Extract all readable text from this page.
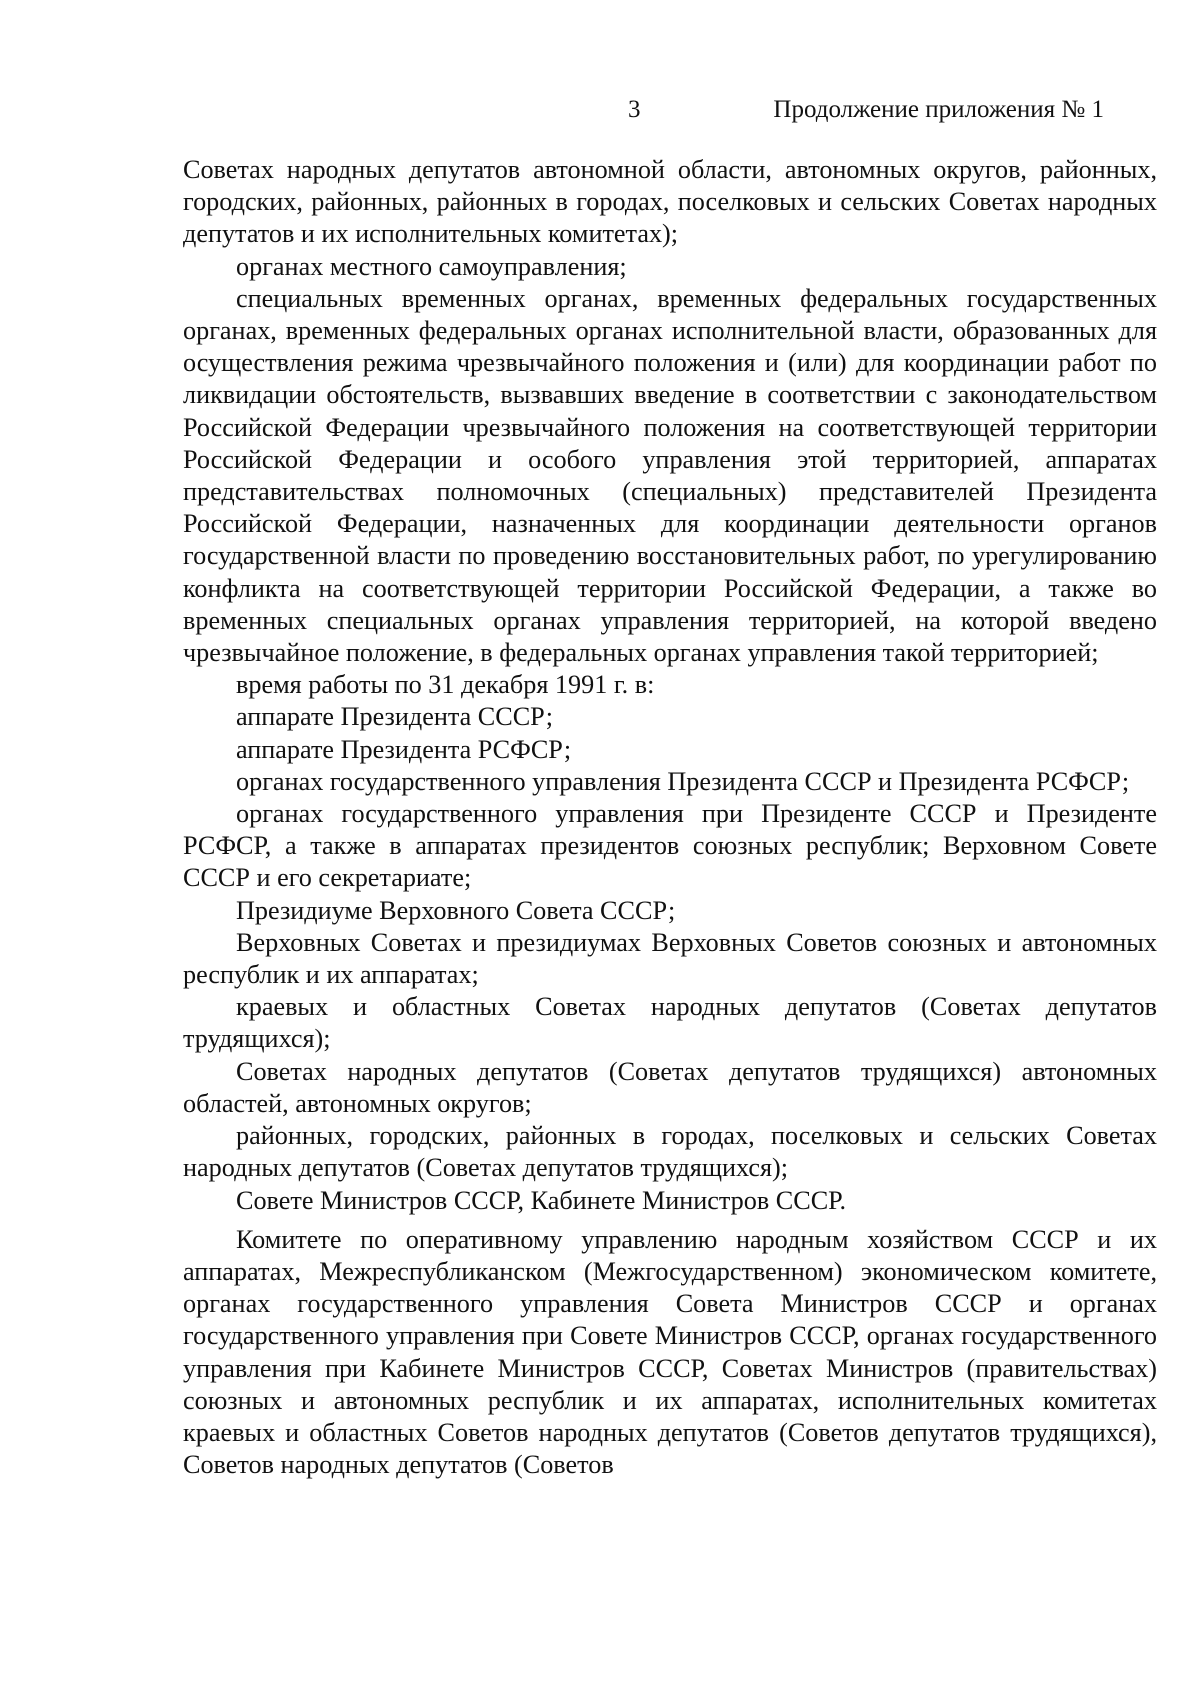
3	Продолжение приложения № 1

Советах народных депутатов автономной области, автономных округов, районных, городских, районных, районных в городах, поселковых и сельских Советах народных депутатов и их исполнительных комитетах);

органах местного самоуправления;

специальных временных органах, временных федеральных государственных органах, временных федеральных органах исполнительной власти, образованных для осуществления режима чрезвычайного положения и (или) для координации работ по ликвидации обстоятельств, вызвавших введение в соответствии с законодательством Российской Федерации чрезвычайного положения на соответствующей территории Российской Федерации и особого управления этой территорией, аппаратах представительствах полномочных (специальных) представителей Президента Российской Федерации, назначенных для координации деятельности органов государственной власти по проведению восстановительных работ, по урегулированию конфликта на соответствующей территории Российской Федерации, а также во временных специальных органах управления территорией, на которой введено чрезвычайное положение, в федеральных органах управления такой территорией;

время работы по 31 декабря 1991 г. в:

аппарате Президента СССР;

аппарате Президента РСФСР;

органах государственного управления Президента СССР и Президента РСФСР;

органах государственного управления при Президенте СССР и Президенте РСФСР, а также в аппаратах президентов союзных республик; Верховном Совете СССР и его секретариате;

Президиуме Верховного Совета СССР;

Верховных Советах и президиумах Верховных Советов союзных и автономных республик и их аппаратах;

краевых и областных Советах народных депутатов (Советах депутатов трудящихся);

Советах народных депутатов (Советах депутатов трудящихся) автономных областей, автономных округов;

районных, городских, районных в городах, поселковых и сельских Советах народных депутатов (Советах депутатов трудящихся);

Совете Министров СССР, Кабинете Министров СССР.

Комитете по оперативному управлению народным хозяйством СССР и их аппаратах, Межреспубликанском (Межгосударственном) экономическом комитете, органах государственного управления Совета Министров СССР и органах государственного управления при Совете Министров СССР, органах государственного управления при Кабинете Министров СССР, Советах Министров (правительствах) союзных и автономных республик и их аппаратах, исполнительных комитетах краевых и областных Советов народных депутатов (Советов депутатов трудящихся), Советов народных депутатов (Советов
